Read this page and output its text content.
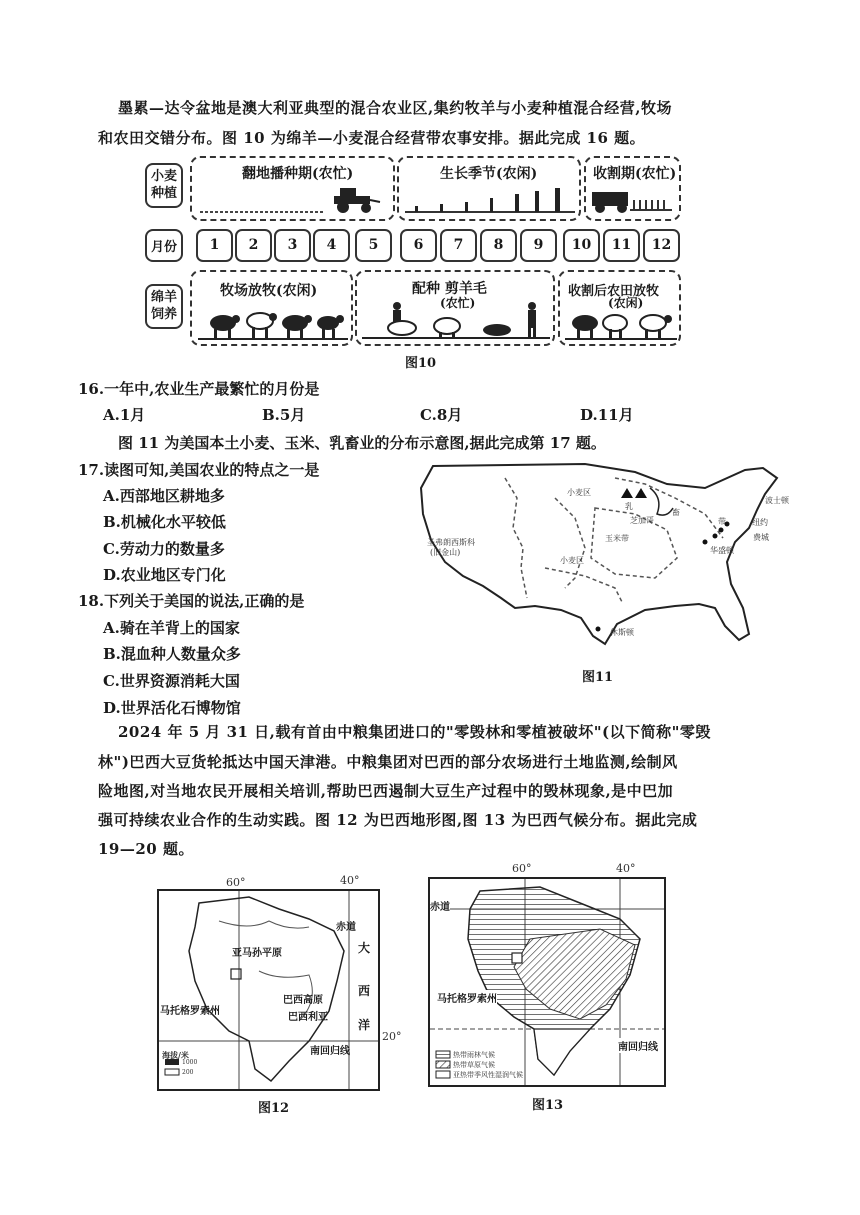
墨累—达令盆地是澳大利亚典型的混合农业区,集约牧羊与小麦种植混合经营,牧场
和农田交错分布。图 10 为绵羊—小麦混合经营带农事安排。据此完成 16 题。
小麦种植
月份
绵羊饲养
翻地播种期(农忙)	生长季节(农闲)	收割期(农忙)
1	2	3	4	5	6	7	8	9	10	11	12
牧场放牧(农闲)	配种 剪羊毛
(农忙)
收割后农田放牧
(农闲)
图10
16.一年中,农业生产最繁忙的月份是
A.1月	B.5月	C.8月	D.11月
图 11 为美国本土小麦、玉米、乳畜业的分布示意图,据此完成第 17 题。
17.读图可知,美国农业的特点之一是
A.西部地区耕地多
B.机械化水平较低
C.劳动力的数量多
D.农业地区专门化
18.下列关于美国的说法,正确的是
A.骑在羊背上的国家
B.混血种人数量众多
C.世界资源消耗大国
D.世界活化石博物馆
小麦区
乳
畜
芝加哥	带	纽约
波士顿
费城
华盛顿
玉米带
小麦区
圣弗朗西斯科
(旧金山)
休斯顿
图11
2024 年 5 月 31 日,载有首由中粮集团进口的"零毁林和零植被破坏"(以下简称"零毁
林")巴西大豆货轮抵达中国天津港。中粮集团对巴西的部分农场进行土地监测,绘制风
险地图,对当地农民开展相关培训,帮助巴西遏制大豆生产过程中的毁林现象,是中巴加
强可持续农业合作的生动实践。图 12 为巴西地形图,图 13 为巴西气候分布。据此完成
19—20 题。
60°	40°
赤道
大
西
洋
亚马孙平原
巴西高原
巴西利亚
马托格罗索州
南回归线
20°
海拔/米
1000
200
图12
60°	40°
赤道
马托格罗索州
南回归线
热带雨林气候
热带草原气候
亚热带季风性湿润气候
图13
